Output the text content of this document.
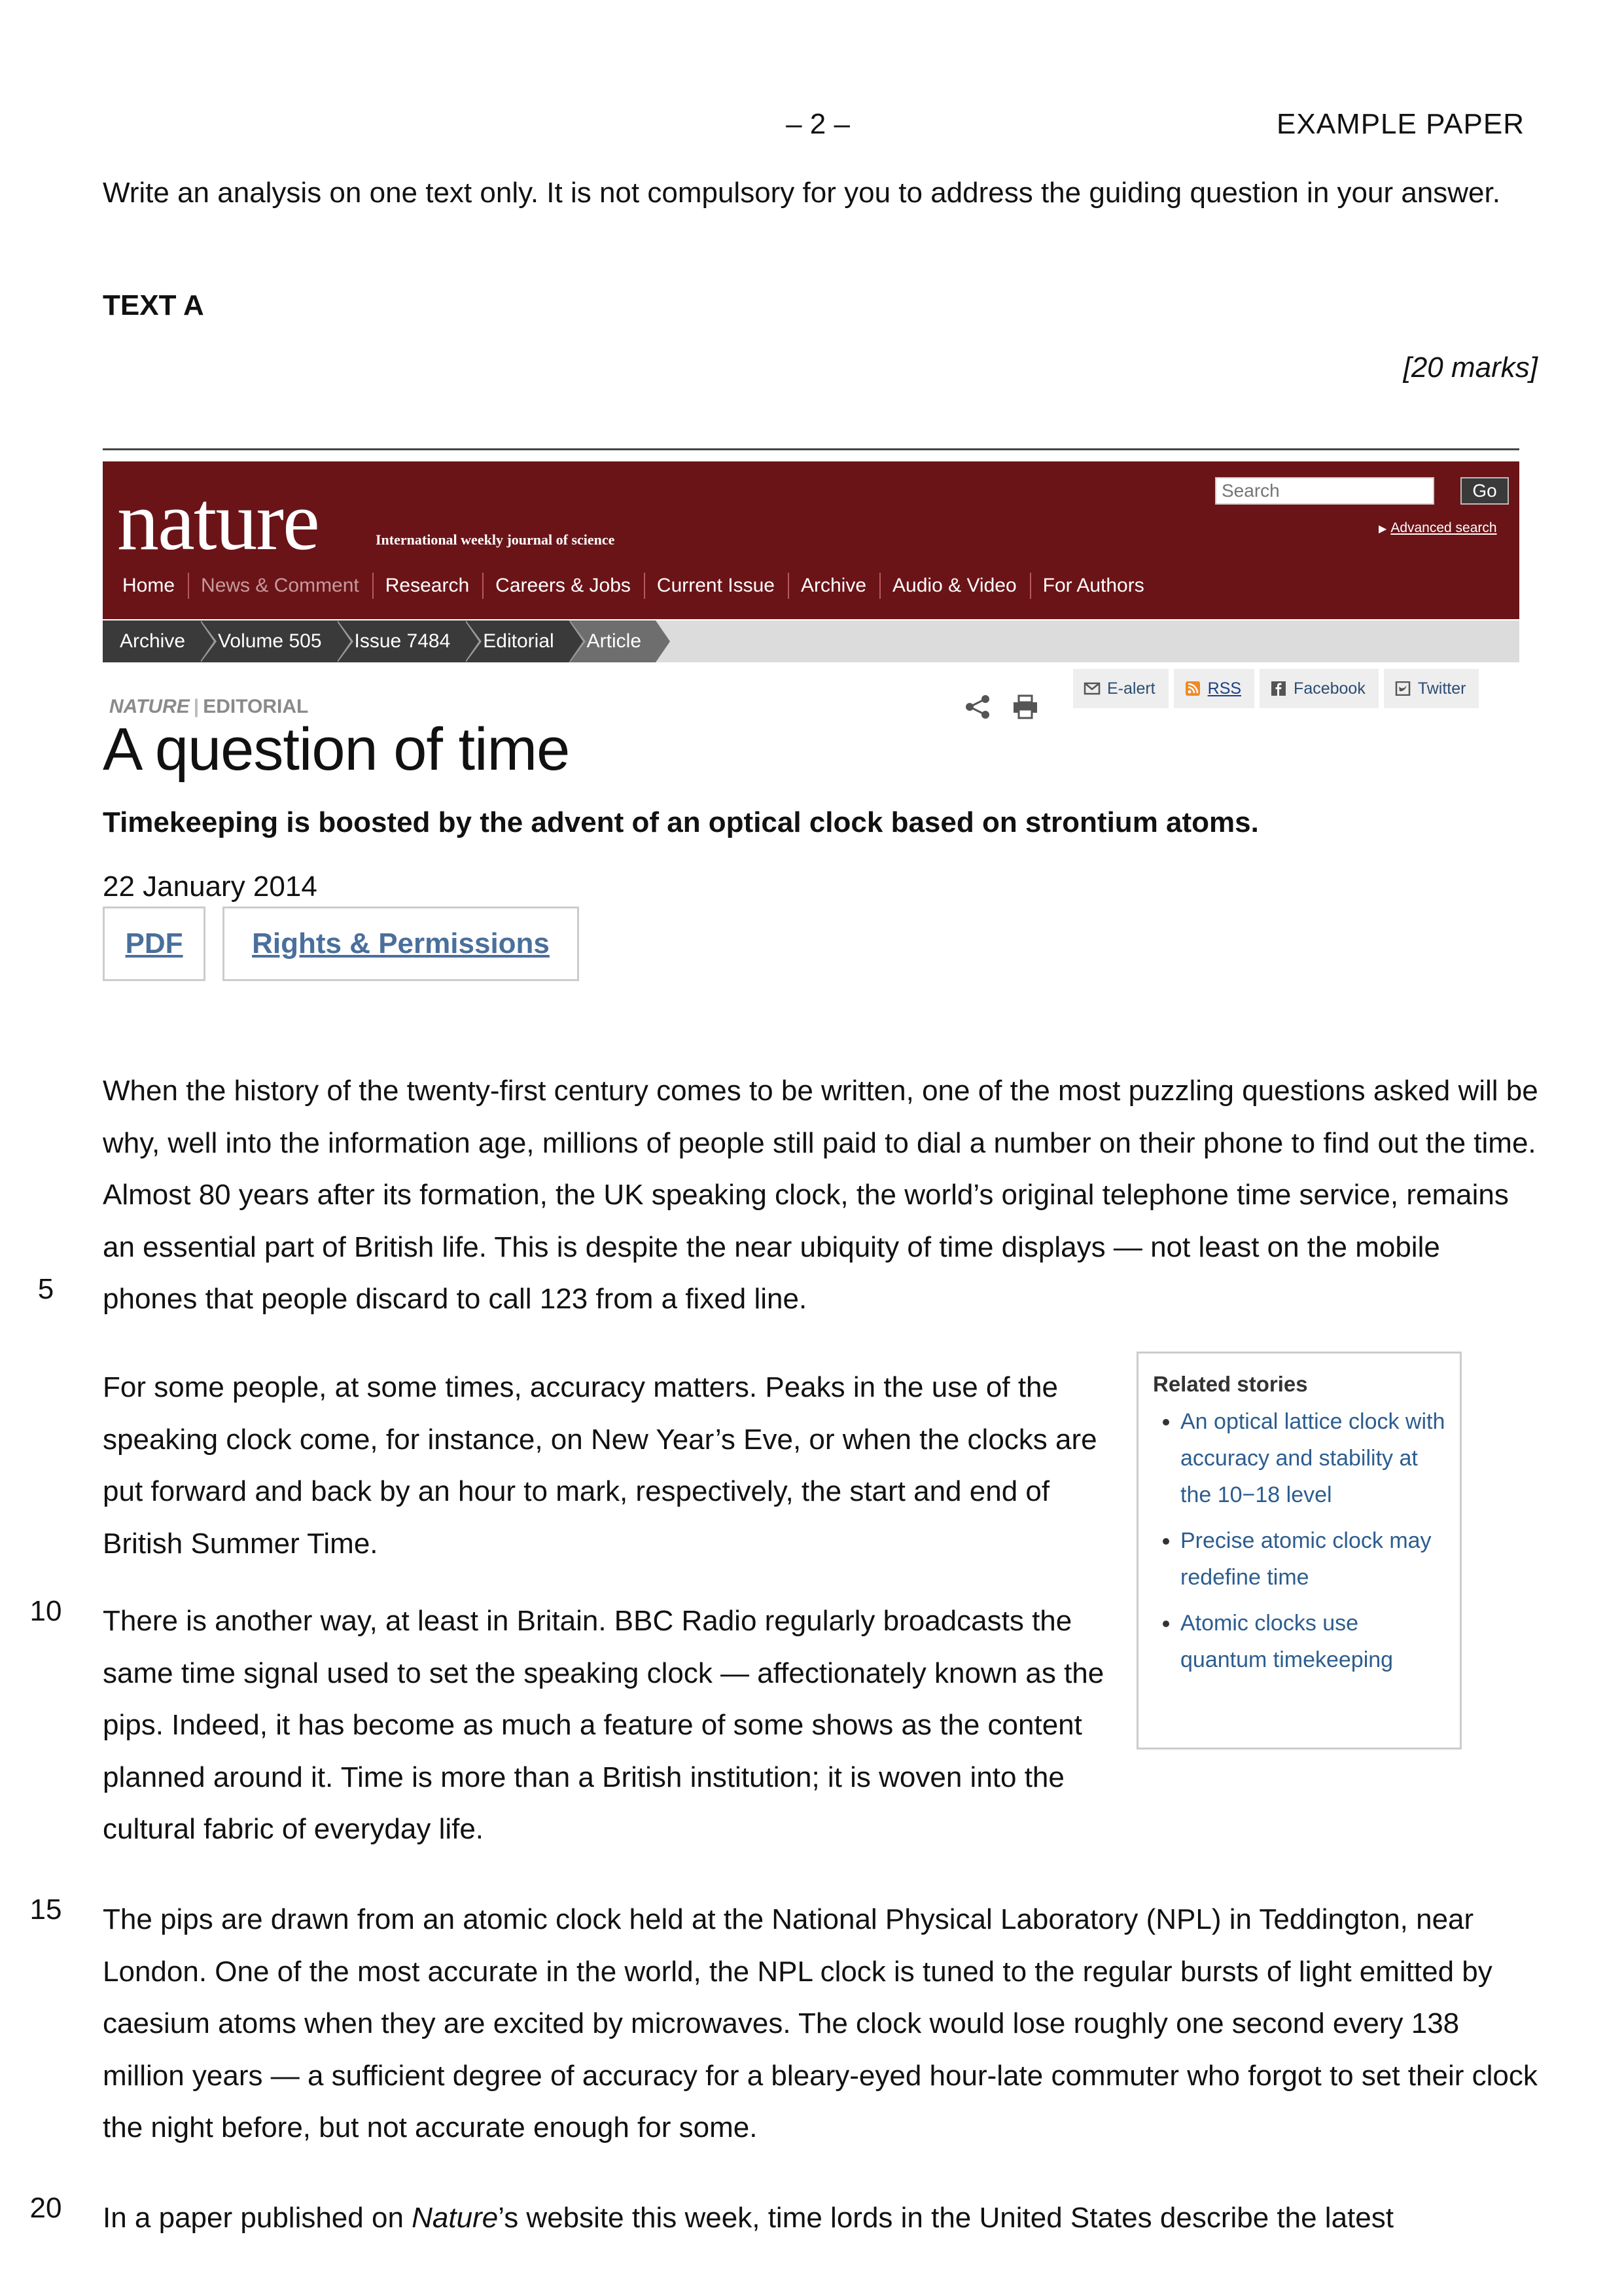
– 2 –	EXAMPLE PAPER
Write an analysis on one text only. It is not compulsory for you to address the guiding question in your answer.
TEXT A
[20 marks]
nature	International weekly journal of science
Search
Go
▶ Advanced search
Home	News & Comment	Research	Careers & Jobs	Current Issue	Archive	Audio & Video	For Authors
Archive	Volume 505	Issue 7484	Editorial	Article
NATURE | EDITORIAL
E-alert	RSS	Facebook	Twitter
A question of time
Timekeeping is boosted by the advent of an optical clock based on strontium atoms.
22 January 2014
PDF	Rights & Permissions
When the history of the twenty-first century comes to be written, one of the most puzzling questions asked will be why, well into the information age, millions of people still paid to dial a number on their phone to find out the time. Almost 80 years after its formation, the UK speaking clock, the world’s original telephone time service, remains an essential part of British life. This is despite the near ubiquity of time displays — not least on the mobile phones that people discard to call 123 from a fixed line.
For some people, at some times, accuracy matters. Peaks in the use of the speaking clock come, for instance, on New Year’s Eve, or when the clocks are put forward and back by an hour to mark, respectively, the start and end of British Summer Time.
There is another way, at least in Britain. BBC Radio regularly broadcasts the same time signal used to set the speaking clock — affectionately known as the pips. Indeed, it has become as much a feature of some shows as the content planned around it. Time is more than a British institution; it is woven into the cultural fabric of everyday life.
The pips are drawn from an atomic clock held at the National Physical Laboratory (NPL) in Teddington, near London. One of the most accurate in the world, the NPL clock is tuned to the regular bursts of light emitted by caesium atoms when they are excited by microwaves. The clock would lose roughly one second every 138 million years — a sufficient degree of accuracy for a bleary-eyed hour-late commuter who forgot to set their clock the night before, but not accurate enough for some.
In a paper published on Nature’s website this week, time lords in the United States describe the latest
5
10
15
20
Related stories
• An optical lattice clock with accuracy and stability at the 10−18 level
• Precise atomic clock may redefine time
• Atomic clocks use quantum timekeeping
